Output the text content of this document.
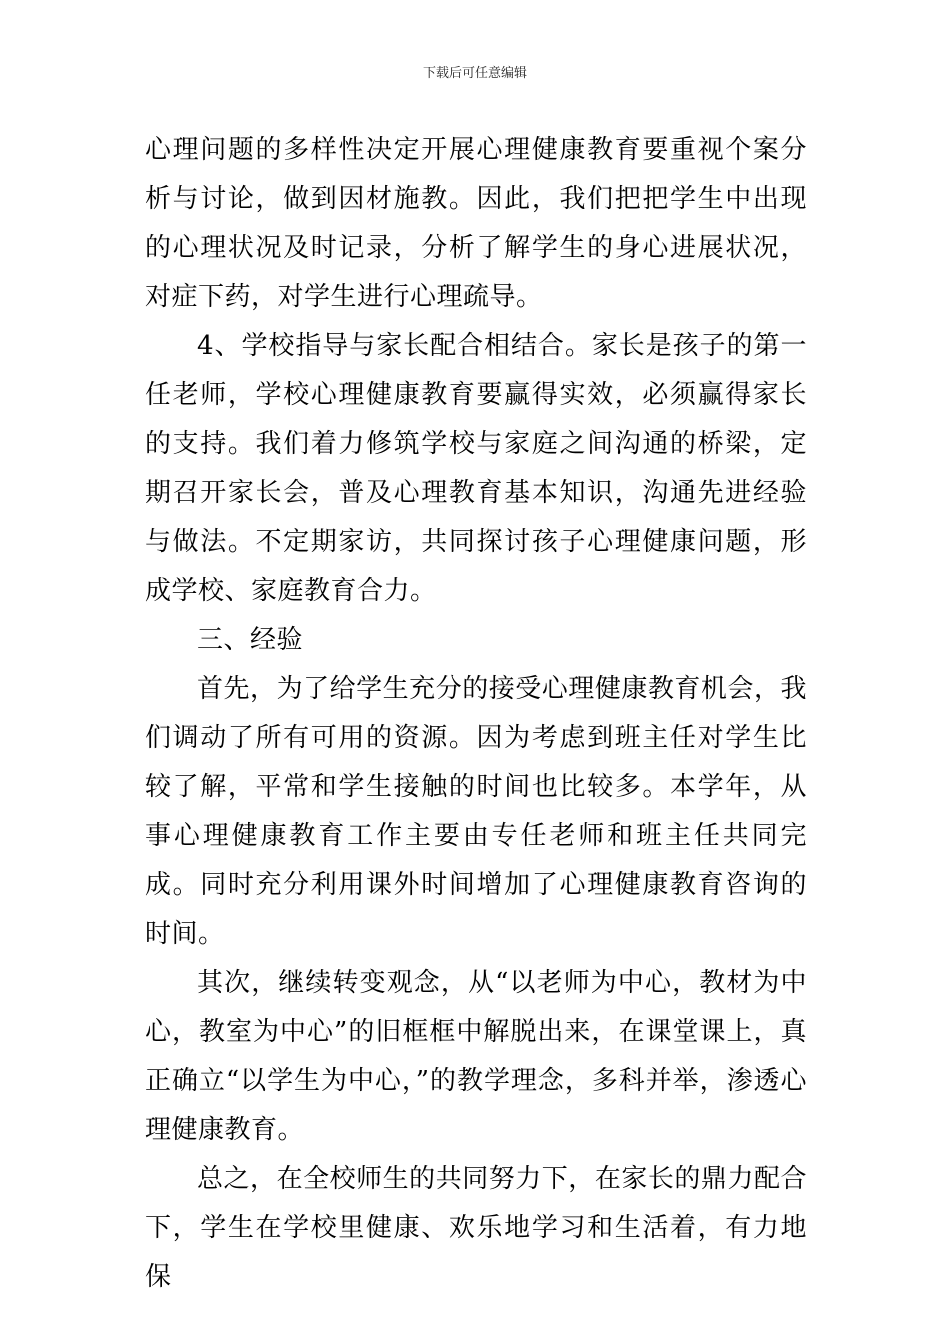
下载后可任意编辑

心理问题的多样性决定开展心理健康教育要重视个案分析与讨论，做到因材施教。因此，我们把把学生中出现的心理状况及时记录，分析了解学生的身心进展状况，对症下药，对学生进行心理疏导。

4、学校指导与家长配合相结合。家长是孩子的第一任老师，学校心理健康教育要赢得实效，必须赢得家长的支持。我们着力修筑学校与家庭之间沟通的桥梁，定期召开家长会，普及心理教育基本知识，沟通先进经验与做法。不定期家访，共同探讨孩子心理健康问题，形成学校、家庭教育合力。

三、经验

首先，为了给学生充分的接受心理健康教育机会，我们调动了所有可用的资源。因为考虑到班主任对学生比较了解，平常和学生接触的时间也比较多。本学年，从事心理健康教育工作主要由专任老师和班主任共同完成。同时充分利用课外时间增加了心理健康教育咨询的时间。

其次，继续转变观念，从“以老师为中心，教材为中心，教室为中心”的旧框框中解脱出来，在课堂课上，真正确立“以学生为中心，”的教学理念，多科并举，渗透心理健康教育。

总之，在全校师生的共同努力下，在家长的鼎力配合下，学生在学校里健康、欢乐地学习和生活着，有力地保
